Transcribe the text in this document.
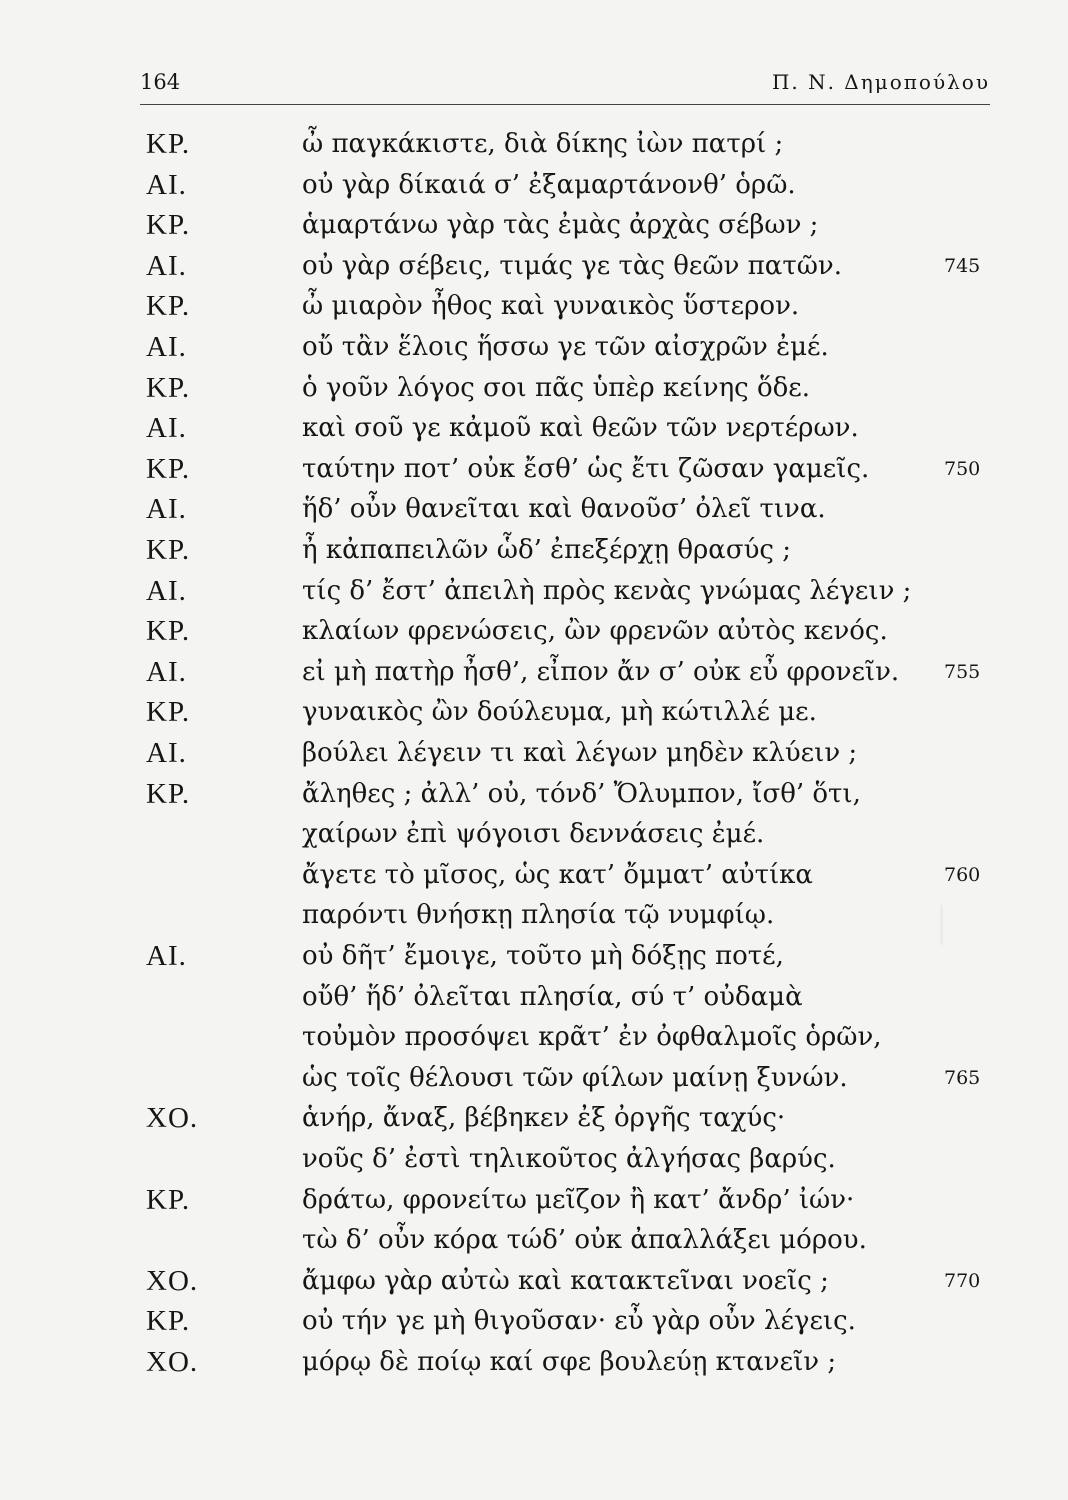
164	Π. Ν. Δημοπούλου
ΚΡ.	ὦ παγκάκιστε, διὰ δίκης ἰὼν πατρί ;
ΑΙ.	οὐ γὰρ δίκαιά σ’ ἐξαμαρτάνονθ’ ὁρῶ.
ΚΡ.	ἁμαρτάνω γὰρ τὰς ἐμὰς ἀρχὰς σέβων ;
ΑΙ.	οὐ γὰρ σέβεις, τιμάς γε τὰς θεῶν πατῶν.	745
ΚΡ.	ὦ μιαρὸν ἦθος καὶ γυναικὸς ὕστερον.
ΑΙ.	οὔ τἂν ἕλοις ἥσσω γε τῶν αἰσχρῶν ἐμέ.
ΚΡ.	ὁ γοῦν λόγος σοι πᾶς ὑπὲρ κείνης ὅδε.
ΑΙ.	καὶ σοῦ γε κἀμοῦ καὶ θεῶν τῶν νερτέρων.
ΚΡ.	ταύτην ποτ’ οὐκ ἔσθ’ ὡς ἔτι ζῶσαν γαμεῖς.	750
ΑΙ.	ἥδ’ οὖν θανεῖται καὶ θανοῦσ’ ὀλεῖ τινα.
ΚΡ.	ἦ κἀπαπειλῶν ὧδ’ ἐπεξέρχῃ θρασύς ;
ΑΙ.	τίς δ’ ἔστ’ ἀπειλὴ πρὸς κενὰς γνώμας λέγειν ;
ΚΡ.	κλαίων φρενώσεις, ὢν φρενῶν αὐτὸς κενός.
ΑΙ.	εἰ μὴ πατὴρ ἦσθ’, εἶπον ἄν σ’ οὐκ εὖ φρονεῖν. 755
ΚΡ.	γυναικὸς ὢν δούλευμα, μὴ κώτιλλέ με.
ΑΙ.	βούλει λέγειν τι καὶ λέγων μηδὲν κλύειν ;
ΚΡ.	ἄληθες ; ἀλλ’ οὐ, τόνδ’ Ὄλυμπον, ἴσθ’ ὅτι,
χαίρων ἐπὶ ψόγοισι δεννάσεις ἐμέ.
ἄγετε τὸ μῖσος, ὡς κατ’ ὄμματ’ αὐτίκα	760
παρόντι θνήσκῃ πλησία τῷ νυμφίῳ.
ΑΙ.	οὐ δῆτ’ ἔμοιγε, τοῦτο μὴ δόξῃς ποτέ,
οὔθ’ ἥδ’ ὀλεῖται πλησία, σύ τ’ οὐδαμὰ
τοὐμὸν προσόψει κρᾶτ’ ἐν ὀφθαλμοῖς ὁρῶν,
ὡς τοῖς θέλουσι τῶν φίλων μαίνῃ ξυνών.	765
ΧΟ.	ἁνήρ, ἄναξ, βέβηκεν ἐξ ὀργῆς ταχύς·
νοῦς δ’ ἐστὶ τηλικοῦτος ἀλγήσας βαρύς.
ΚΡ.	δράτω, φρονείτω μεῖζον ἢ κατ’ ἄνδρ’ ἰών·
τὼ δ’ οὖν κόρα τώδ’ οὐκ ἀπαλλάξει μόρου.
ΧΟ.	ἄμφω γὰρ αὐτὼ καὶ κατακτεῖναι νοεῖς ;	770
ΚΡ.	οὐ τήν γε μὴ θιγοῦσαν· εὖ γὰρ οὖν λέγεις.
ΧΟ.	μόρῳ δὲ ποίῳ καί σφε βουλεύῃ κτανεῖν ;
